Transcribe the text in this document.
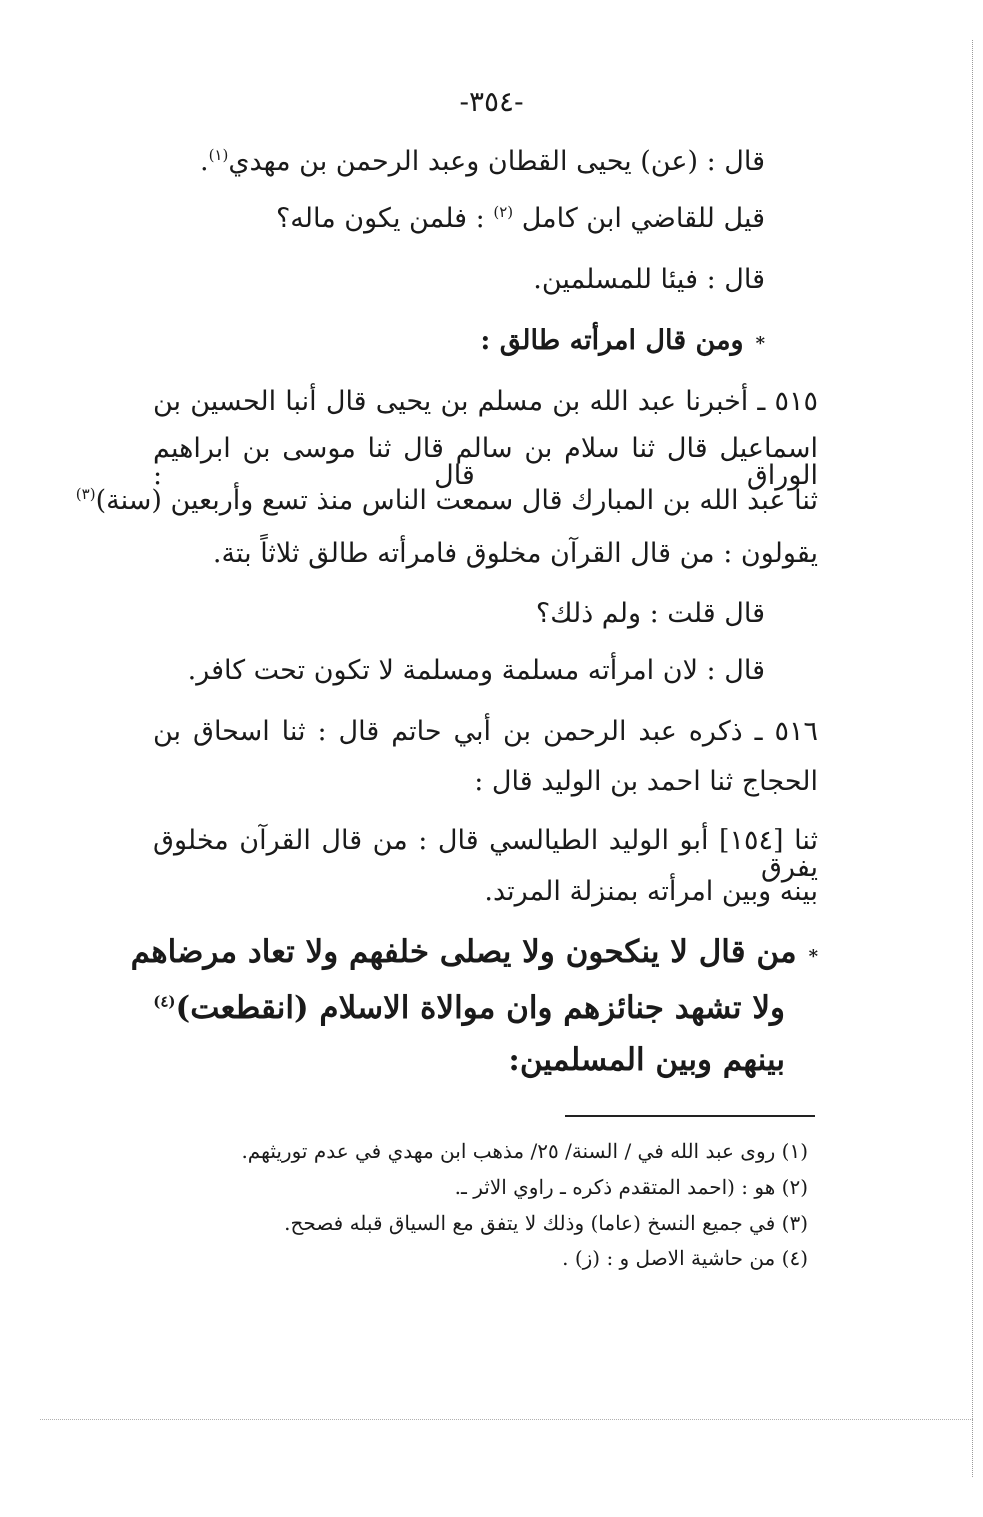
-٣٥٤-
قال : (عن) يحيى القطان وعبد الرحمن بن مهدي$^{(١)}$.
قيل للقاضي ابن كامل $^{(٢)}$ : فلمن يكون ماله؟
قال : فيئا للمسلمين.
*ومن قال امرأته طالق :
٥١٥ ـ أخبرنا عبد الله بن مسلم بن يحيى قال أنبا الحسين بن
اسماعيل قال ثنا سلام بن سالم قال ثنا موسى بن ابراهيم الوراق قال :
ثنا عبد الله بن المبارك قال سمعت الناس منذ تسع وأربعين (سنة)$^{(٣)}$
يقولون : من قال القرآن مخلوق فامرأته طالق ثلاثاً بتة.
قال قلت : ولم ذلك؟
قال : لان امرأته مسلمة ومسلمة لا تكون تحت كافر.
٥١٦ ـ ذكره عبد الرحمن بن أبي حاتم قال : ثنا اسحاق بن
الحجاج ثنا احمد بن الوليد قال :
ثنا [١٥٤] أبو الوليد الطيالسي قال : من قال القرآن مخلوق يفرق
بينه وبين امرأته بمنزلة المرتد.
*من قال لا ينكحون ولا يصلى خلفهم ولا تعاد مرضاهم
ولا تشهد جنائزهم وان موالاة الاسلام (انقطعت)$^{(٤)}$
بينهم وبين المسلمين:
(١) روى عبد الله في / السنة/ ٢٥/ مذهب ابن مهدي في عدم توريثهم.
(٢) هو : (احمد المتقدم ذكره ـ راوي الاثر ـ.
(٣) في جميع النسخ (عاما) وذلك لا يتفق مع السياق قبله فصحح.
(٤) من حاشية الاصل و : (ز) .
